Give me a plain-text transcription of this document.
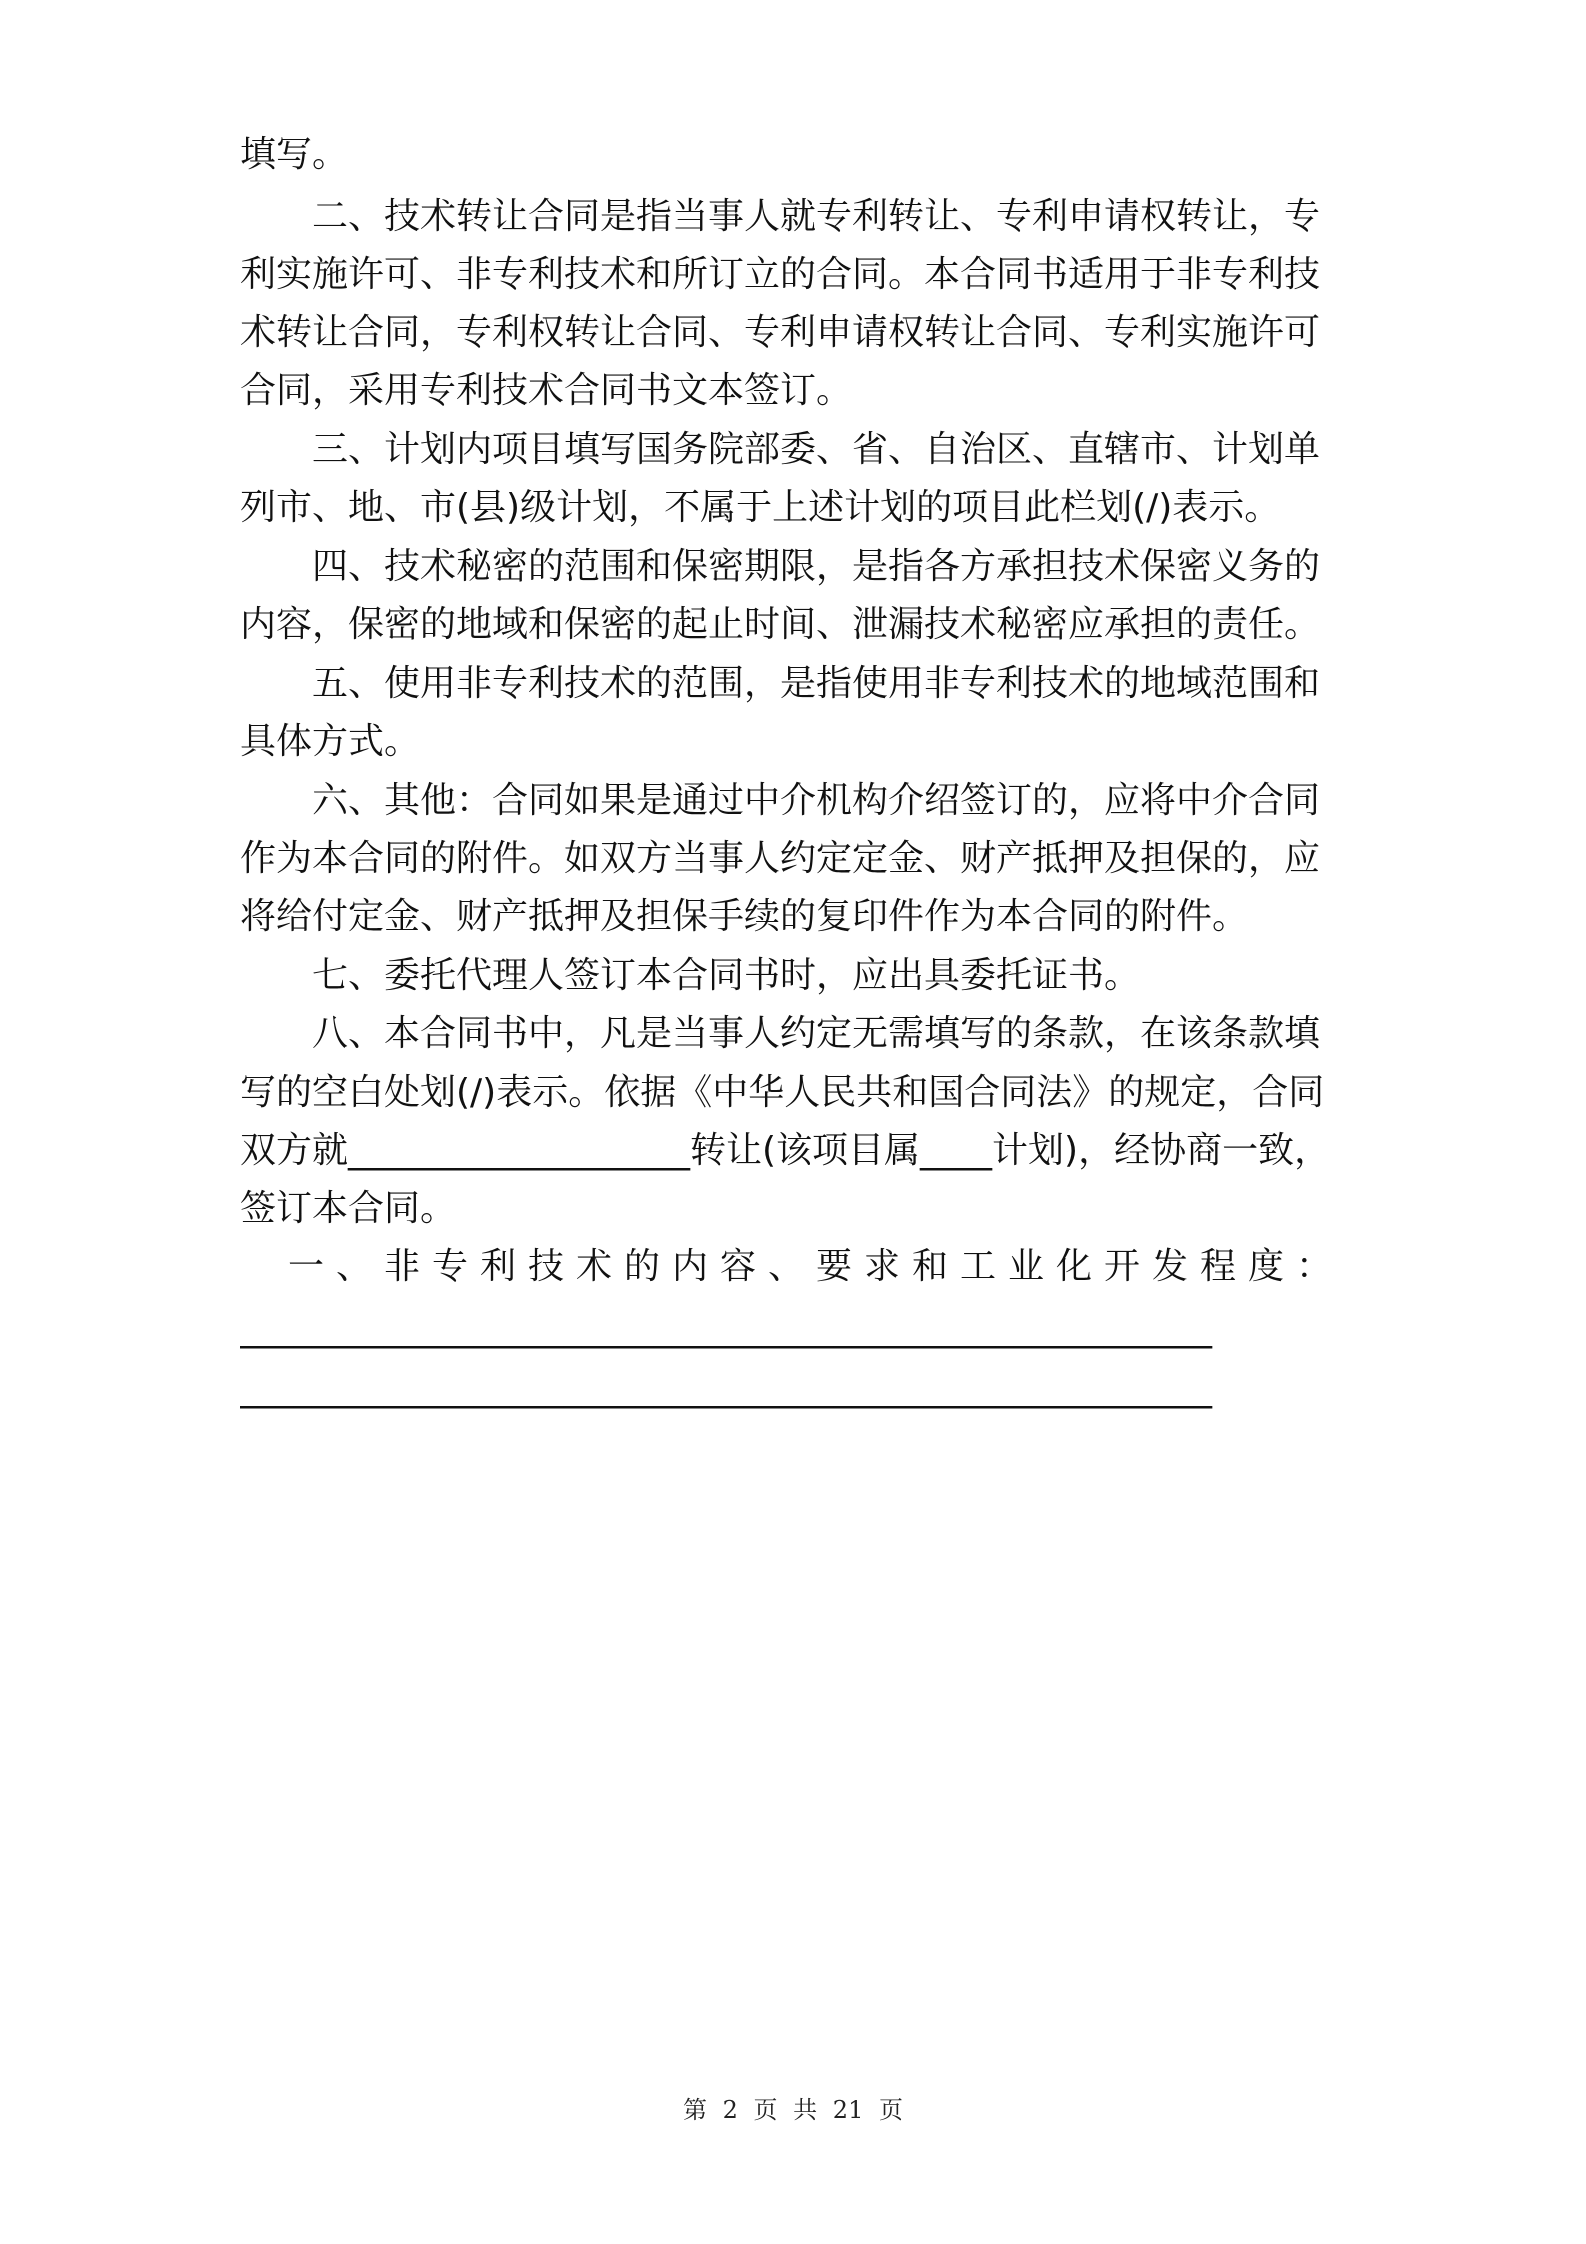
填写。
　　二、技术转让合同是指当事人就专利转让、专利申请权转让，专
利实施许可、非专利技术和所订立的合同。本合同书适用于非专利技
术转让合同，专利权转让合同、专利申请权转让合同、专利实施许可
合同，采用专利技术合同书文本签订。
　　三、计划内项目填写国务院部委、省、自治区、直辖市、计划单
列市、地、市(县)级计划，不属于上述计划的项目此栏划(/)表示。
　　四、技术秘密的范围和保密期限，是指各方承担技术保密义务的
内容，保密的地域和保密的起止时间、泄漏技术秘密应承担的责任。
　　五、使用非专利技术的范围，是指使用非专利技术的地域范围和
具体方式。
　　六、其他：合同如果是通过中介机构介绍签订的，应将中介合同
作为本合同的附件。如双方当事人约定定金、财产抵押及担保的，应
将给付定金、财产抵押及担保手续的复印件作为本合同的附件。
　　七、委托代理人签订本合同书时，应出具委托证书。
　　八、本合同书中，凡是当事人约定无需填写的条款，在该条款填
写的空白处划(/)表示。依据《中华人民共和国合同法》的规定，合同
双方就___________________转让(该项目属____计划)，经协商一致，
签订本合同。
　一、非专利技术的内容、要求和工业化开发程度：
______________________________________________________
______________________________________________________
第 2 页 共 21 页
